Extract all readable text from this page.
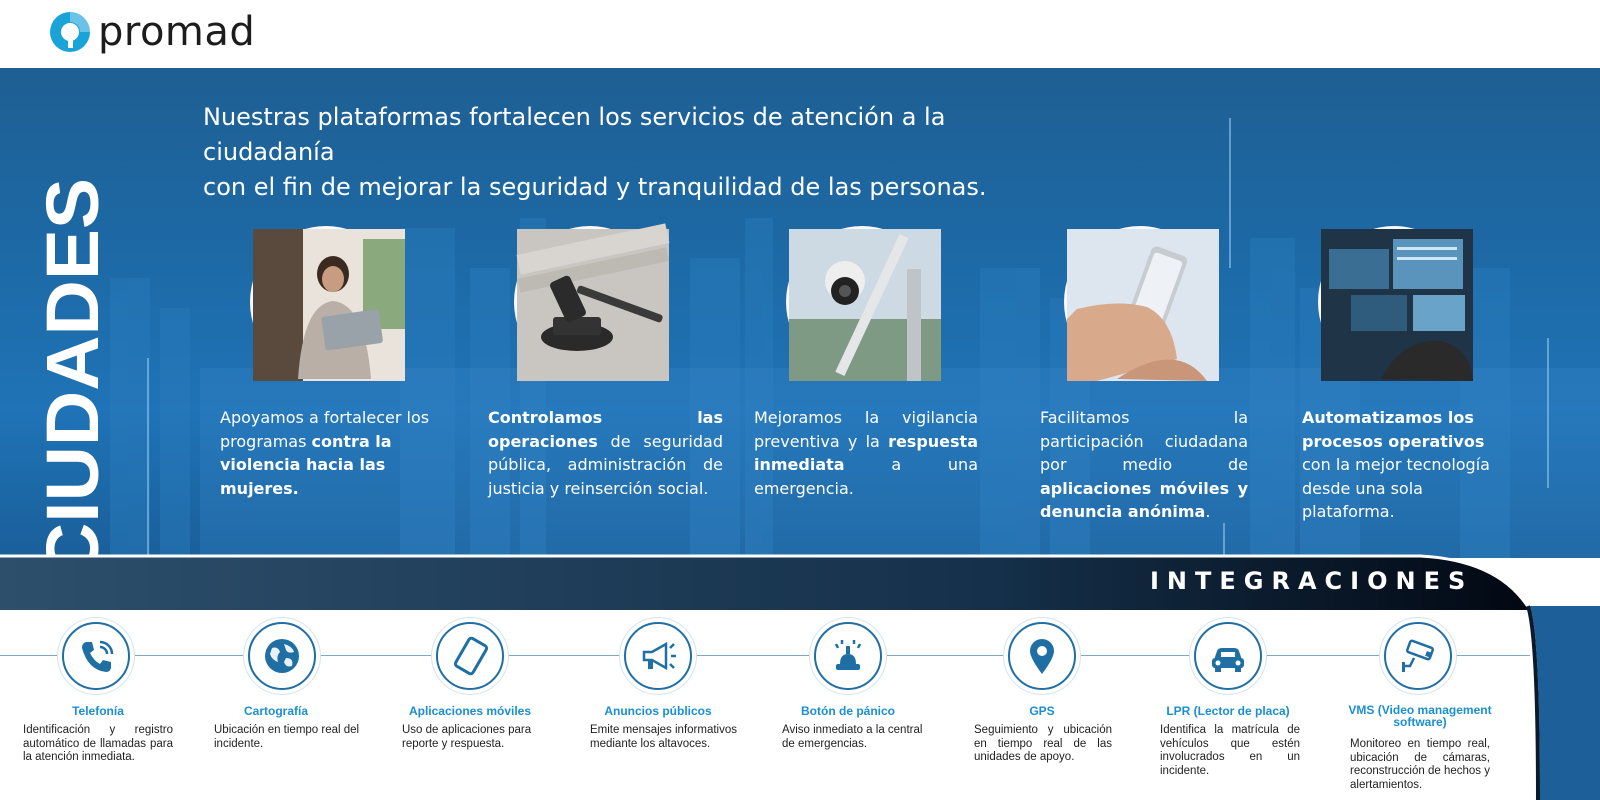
promad
CIUDADES
Nuestras plataformas fortalecen los servicios de atención a la ciudadanía
con el fin de mejorar la seguridad y tranquilidad de las personas.
Apoyamos a fortalecer los programas contra la violencia hacia las mujeres.
Controlamos las operaciones de seguridad pública, administración de justicia y reinserción social.
Mejoramos la vigilancia preventiva y la respuesta inmediata a una emergencia.
Facilitamos la participación ciudadana por medio de aplicaciones móviles y denuncia anónima.
Automatizamos los procesos operativos con la mejor tecnología desde una sola plataforma.
INTEGRACIONES
Telefonía
Identificación y registro automático de llamadas para la atención inmediata.
Cartografía
Ubicación en tiempo real del incidente.
Aplicaciones móviles
Uso de aplicaciones para reporte y respuesta.
Anuncios públicos
Emite mensajes informativos mediante los altavoces.
Botón de pánico
Aviso inmediato a la central de emergencias.
GPS
Seguimiento y ubicación en tiempo real de las unidades de apoyo.
LPR (Lector de placa)
Identifica la matrícula de vehículos que estén involucrados en un incidente.
VMS (Video management software)
Monitoreo en tiempo real, ubicación de cámaras, reconstrucción de hechos y alertamientos.
